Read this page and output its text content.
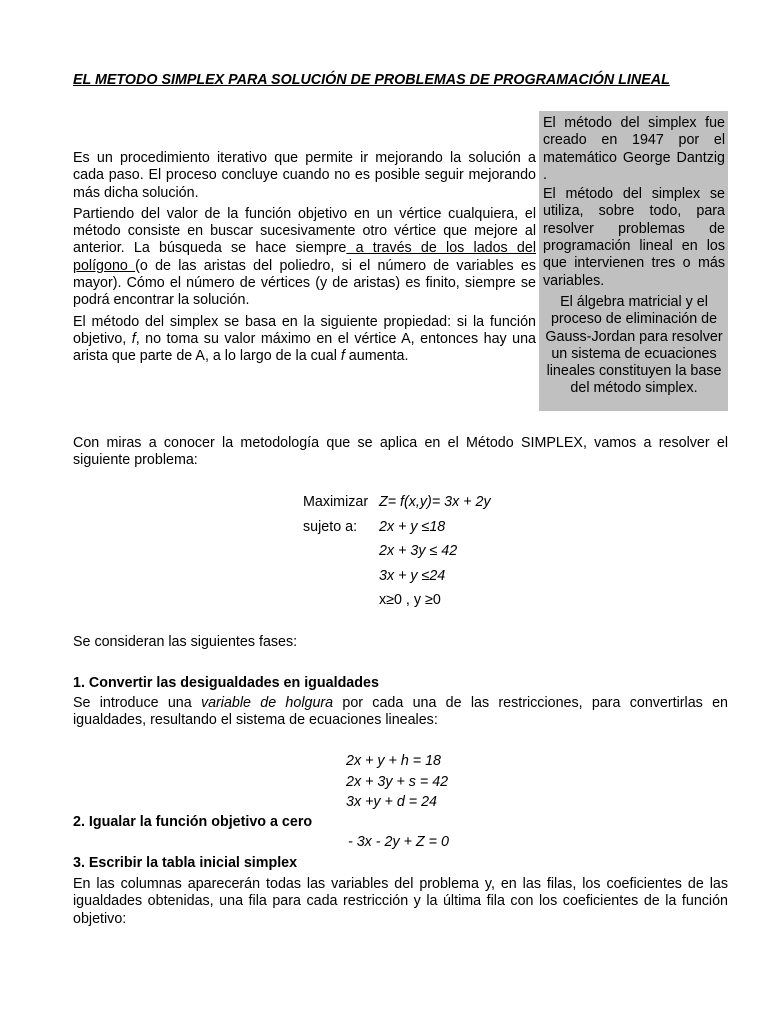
EL METODO SIMPLEX PARA SOLUCIÓN DE PROBLEMAS DE PROGRAMACIÓN LINEAL

Es un procedimiento iterativo que permite ir mejorando la solución a cada paso. El proceso concluye cuando no es posible seguir mejorando más dicha solución.

Partiendo del valor de la función objetivo en un vértice cualquiera, el método consiste en buscar sucesivamente otro vértice que mejore al anterior. La búsqueda se hace siempre a través de los lados del polígono (o de las aristas del poliedro, si el número de variables es mayor). Cómo el número de vértices (y de aristas) es finito, siempre se podrá encontrar la solución.

El método del simplex se basa en la siguiente propiedad: si la función objetivo, f, no toma su valor máximo en el vértice A, entonces hay una arista que parte de A, a lo largo de la cual f aumenta.

El método del simplex fue creado en 1947 por el matemático George Dantzig .

El método del simplex se utiliza, sobre todo, para resolver problemas de programación lineal en los que intervienen tres o más variables.

El álgebra matricial y el proceso de eliminación de Gauss-Jordan para resolver un sistema de ecuaciones lineales constituyen la base del método simplex.

Con miras a conocer la metodología que se aplica en el Método SIMPLEX, vamos a resolver el siguiente problema:

Maximizar Z= f(x,y)= 3x + 2y
sujeto a: 2x + y ≤18
2x + 3y ≤ 42
3x + y ≤24
x≥0 , y ≥0

Se consideran las siguientes fases:

1. Convertir las desigualdades en igualdades

Se introduce una variable de holgura por cada una de las restricciones, para convertirlas en igualdades, resultando el sistema de ecuaciones lineales:

2x + y + h = 18
2x + 3y + s = 42
3x +y + d = 24

2. Igualar la función objetivo a cero

- 3x - 2y + Z = 0

3. Escribir la tabla inicial simplex

En las columnas aparecerán todas las variables del problema y, en las filas, los coeficientes de las igualdades obtenidas, una fila para cada restricción y la última fila con los coeficientes de la función objetivo:
